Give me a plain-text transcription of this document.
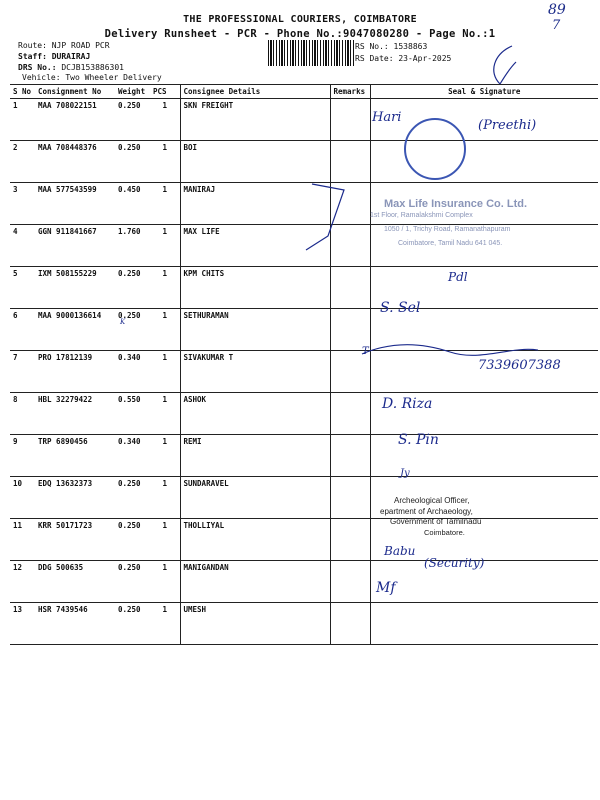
THE PROFESSIONAL COURIERS, COIMBATORE
Delivery Runsheet - PCR - Phone No.:9047080280 - Page No.:1
Route: NJP ROAD PCR
Staff: DURAIRAJ
DRS No.: DCJB153886301
Vehicle: Two Wheeler Delivery
RS No.: 1538863
RS Date: 23-Apr-2025
89
7
S No	Consignment No	Weight	PCS	Consignee Details	Remarks	Seal & Signature
1	MAA 708022151	0.250	1	SKN FREIGHT		
2	MAA 708448376	0.250	1	BOI		
3	MAA 577543599	0.450	1	MANIRAJ		
4	GGN 911841667	1.760	1	MAX LIFE		
5	IXM 508155229	0.250	1	KPM CHITS		
6	MAA 9000136614	0.250	1	SETHURAMAN		
7	PRO 17812139	0.340	1	SIVAKUMAR T		
8	HBL 32279422	0.550	1	ASHOK		
9	TRP 6890456	0.340	1	REMI		
10	EDQ 13632373	0.250	1	SUNDARAVEL		
11	KRR 50171723	0.250	1	THOLLIYAL		
12	DDG 500635	0.250	1	MANIGANDAN		
13	HSR 7439546	0.250	1	UMESH		
Hari
(Preethi)
Max Life Insurance Co. Ltd.
1st Floor, Ramalakshmi Complex
1050 / 1, Trichy Road, Ramanathapuram
Coimbatore, Tamil Nadu 641 045.
Pdl
S. Sel
K
T
7339607388
D. Riza
S. Pin
Jy
Archeological Officer,
epartment of Archaeology,
Government of Tamilnadu
Coimbatore.
Babu
(Security)
Mf
